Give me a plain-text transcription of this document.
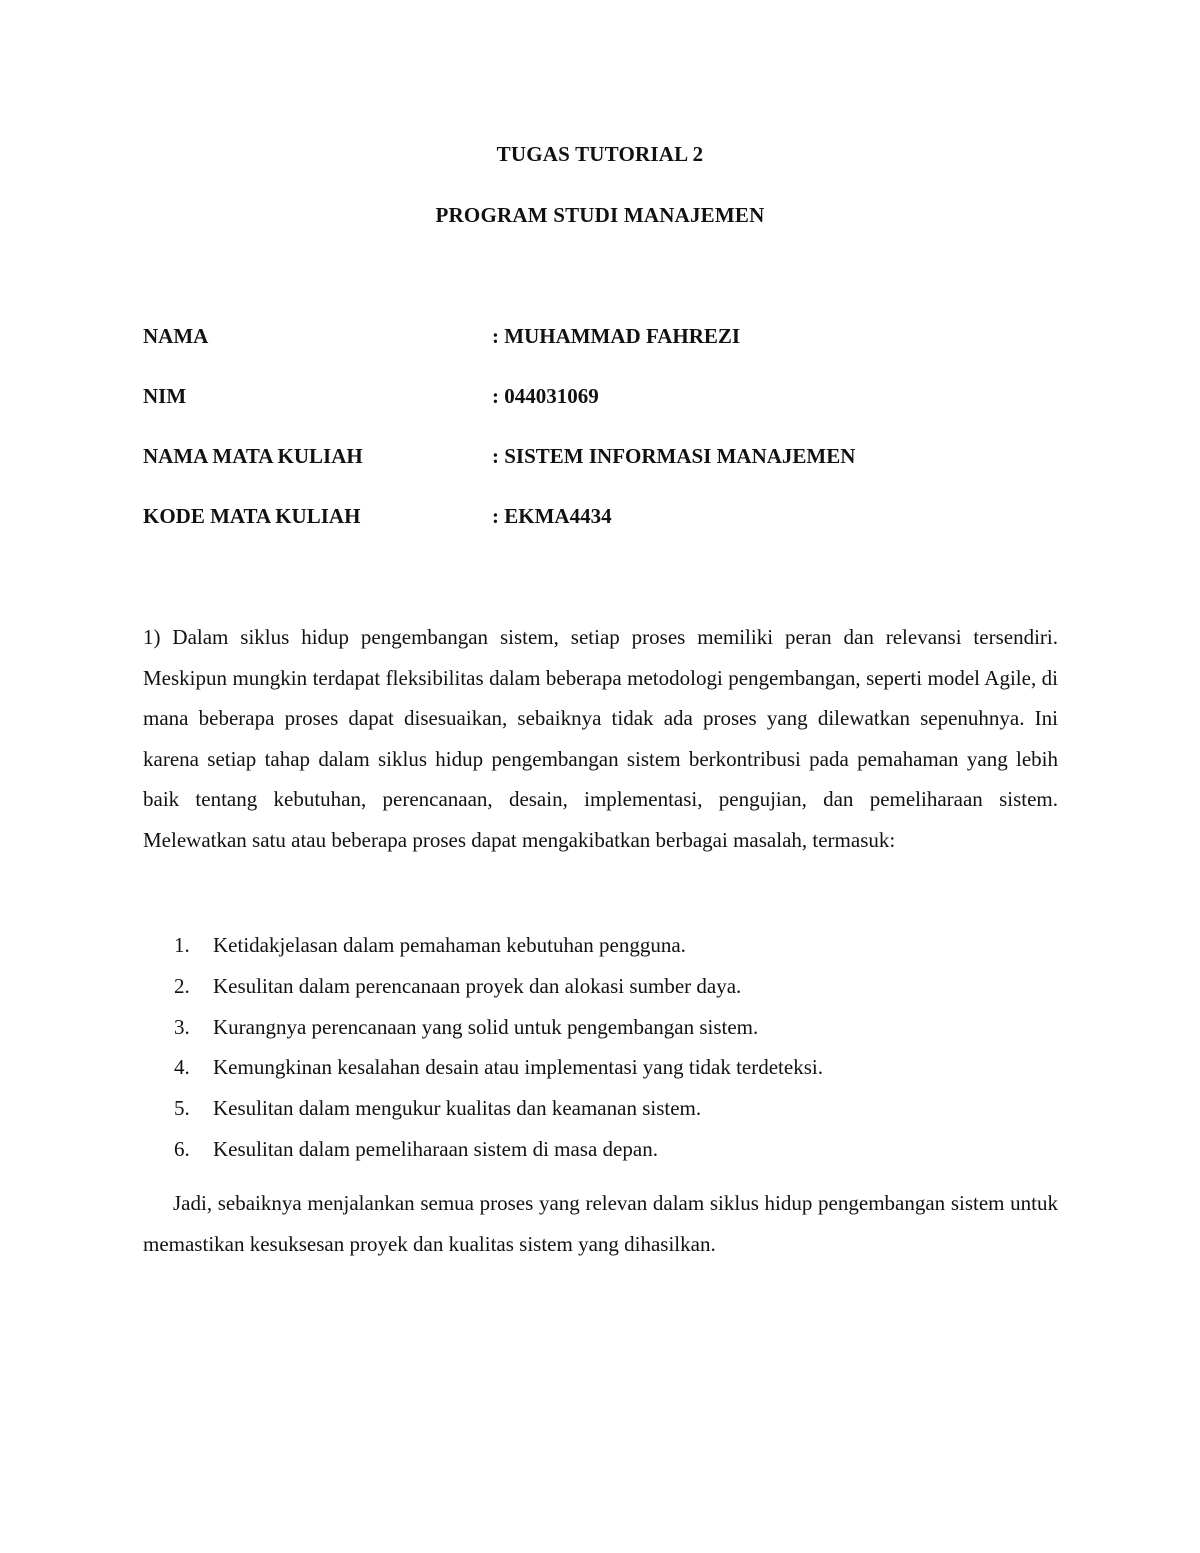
TUGAS TUTORIAL 2
PROGRAM STUDI MANAJEMEN
NAMA	: MUHAMMAD FAHREZI
NIM	: 044031069
NAMA MATA KULIAH	: SISTEM INFORMASI MANAJEMEN
KODE MATA KULIAH	: EKMA4434

1) Dalam siklus hidup pengembangan sistem, setiap proses memiliki peran dan relevansi tersendiri. Meskipun mungkin terdapat fleksibilitas dalam beberapa metodologi pengembangan, seperti model Agile, di mana beberapa proses dapat disesuaikan, sebaiknya tidak ada proses yang dilewatkan sepenuhnya. Ini karena setiap tahap dalam siklus hidup pengembangan sistem berkontribusi pada pemahaman yang lebih baik tentang kebutuhan, perencanaan, desain, implementasi, pengujian, dan pemeliharaan sistem. Melewatkan satu atau beberapa proses dapat mengakibatkan berbagai masalah, termasuk:

1. Ketidakjelasan dalam pemahaman kebutuhan pengguna.
2. Kesulitan dalam perencanaan proyek dan alokasi sumber daya.
3. Kurangnya perencanaan yang solid untuk pengembangan sistem.
4. Kemungkinan kesalahan desain atau implementasi yang tidak terdeteksi.
5. Kesulitan dalam mengukur kualitas dan keamanan sistem.
6. Kesulitan dalam pemeliharaan sistem di masa depan.

Jadi, sebaiknya menjalankan semua proses yang relevan dalam siklus hidup pengembangan sistem untuk memastikan kesuksesan proyek dan kualitas sistem yang dihasilkan.
